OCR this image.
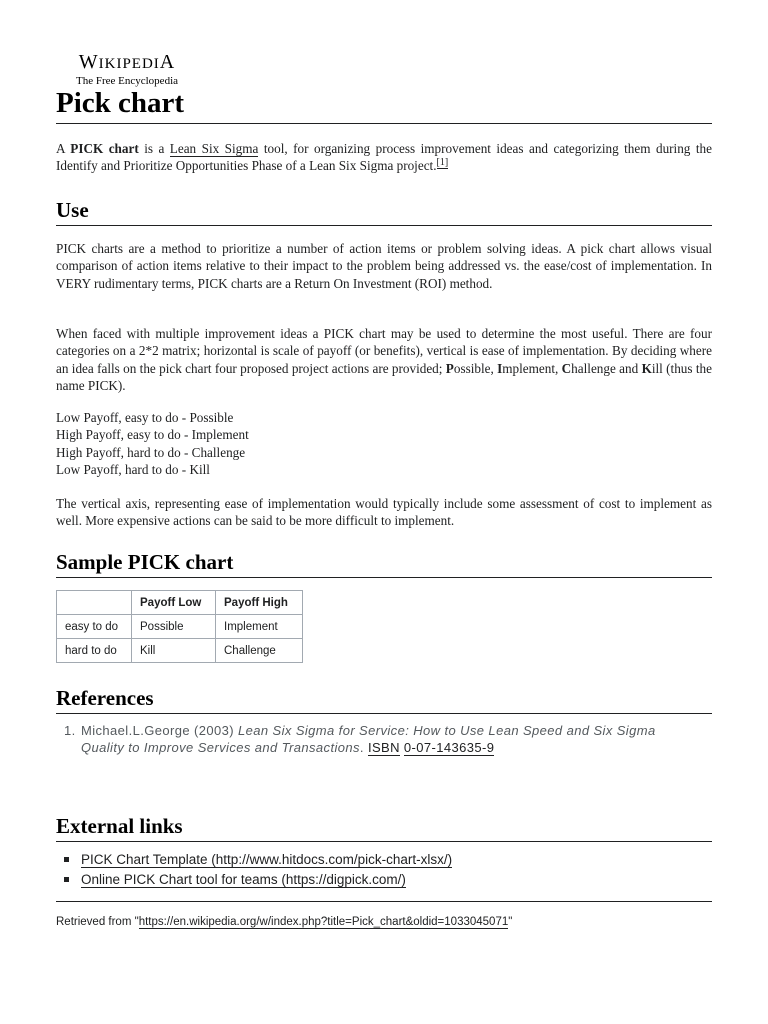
WIKIPEDIA
The Free Encyclopedia
Pick chart

A PICK chart is a Lean Six Sigma tool, for organizing process improvement ideas and categorizing them during the Identify and Prioritize Opportunities Phase of a Lean Six Sigma project.[1]

Use

PICK charts are a method to prioritize a number of action items or problem solving ideas. A pick chart allows visual comparison of action items relative to their impact to the problem being addressed vs. the ease/cost of implementation. In VERY rudimentary terms, PICK charts are a Return On Investment (ROI) method.

When faced with multiple improvement ideas a PICK chart may be used to determine the most useful. There are four categories on a 2*2 matrix; horizontal is scale of payoff (or benefits), vertical is ease of implementation. By deciding where an idea falls on the pick chart four proposed project actions are provided; Possible, Implement, Challenge and Kill (thus the name PICK).

Low Payoff, easy to do - Possible
High Payoff, easy to do - Implement
High Payoff, hard to do - Challenge
Low Payoff, hard to do - Kill

The vertical axis, representing ease of implementation would typically include some assessment of cost to implement as well. More expensive actions can be said to be more difficult to implement.

Sample PICK chart
	Payoff Low	Payoff High
easy to do	Possible	Implement
hard to do	Kill	Challenge
References
1. Michael.L.George (2003) Lean Six Sigma for Service: How to Use Lean Speed and Six Sigma Quality to Improve Services and Transactions. ISBN 0-07-143635-9
External links
PICK Chart Template (http://www.hitdocs.com/pick-chart-xlsx/)
Online PICK Chart tool for teams (https://digpick.com/)
Retrieved from "https://en.wikipedia.org/w/index.php?title=Pick_chart&oldid=1033045071"
